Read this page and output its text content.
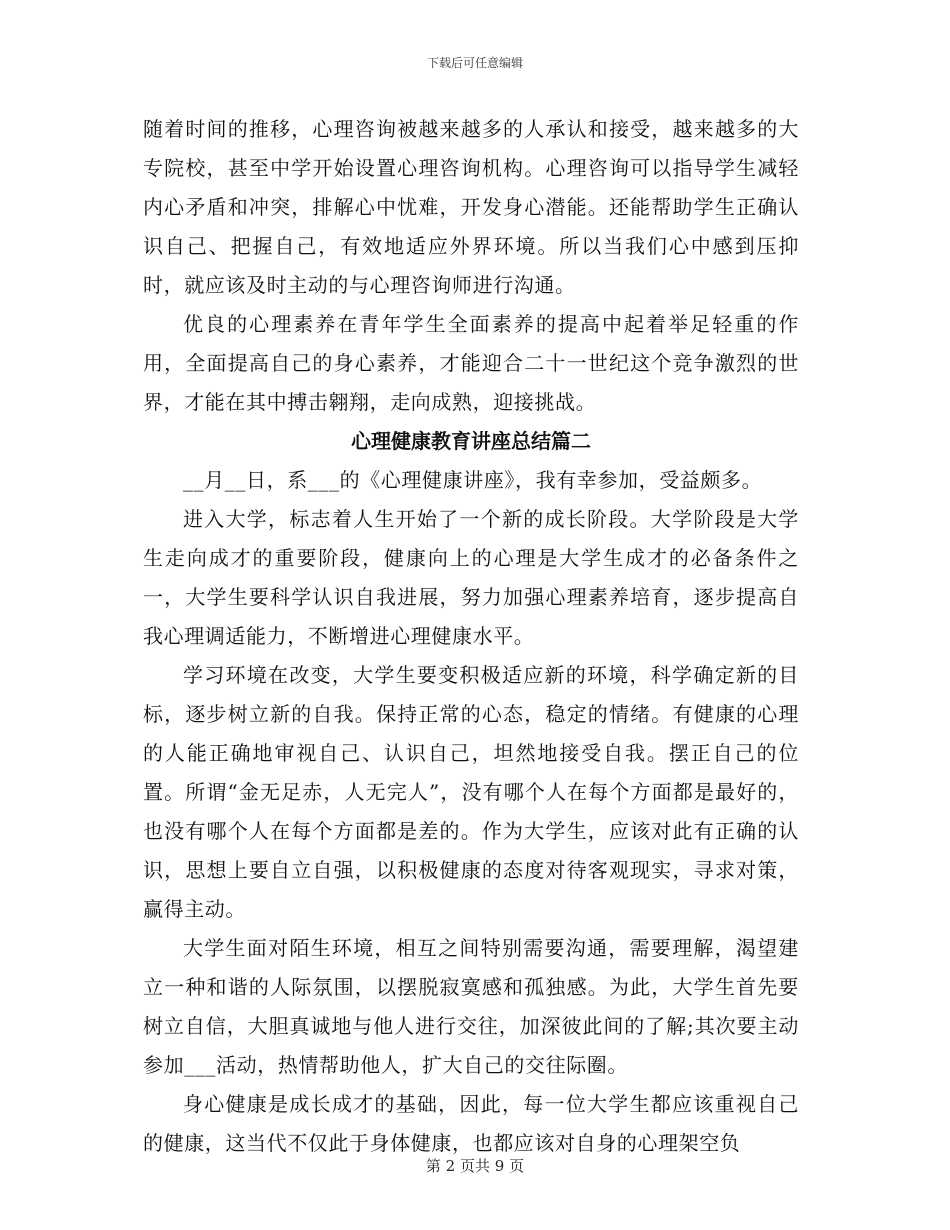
下载后可任意编辑

随着时间的推移，心理咨询被越来越多的人承认和接受，越来越多的大专院校，甚至中学开始设置心理咨询机构。心理咨询可以指导学生减轻内心矛盾和冲突，排解心中忧难，开发身心潜能。还能帮助学生正确认识自己、把握自己，有效地适应外界环境。所以当我们心中感到压抑时，就应该及时主动的与心理咨询师进行沟通。

优良的心理素养在青年学生全面素养的提高中起着举足轻重的作用，全面提高自己的身心素养，才能迎合二十一世纪这个竞争激烈的世界，才能在其中搏击翱翔，走向成熟，迎接挑战。

心理健康教育讲座总结篇二

__月__日，系___的《心理健康讲座》，我有幸参加，受益颇多。

进入大学，标志着人生开始了一个新的成长阶段。大学阶段是大学生走向成才的重要阶段，健康向上的心理是大学生成才的必备条件之一，大学生要科学认识自我进展，努力加强心理素养培育，逐步提高自我心理调适能力，不断增进心理健康水平。

学习环境在改变，大学生要变积极适应新的环境，科学确定新的目标，逐步树立新的自我。保持正常的心态，稳定的情绪。有健康的心理的人能正确地审视自己、认识自己，坦然地接受自我。摆正自己的位置。所谓“金无足赤，人无完人”，没有哪个人在每个方面都是最好的，也没有哪个人在每个方面都是差的。作为大学生，应该对此有正确的认识，思想上要自立自强，以积极健康的态度对待客观现实，寻求对策，赢得主动。

大学生面对陌生环境，相互之间特别需要沟通，需要理解，渴望建立一种和谐的人际氛围，以摆脱寂寞感和孤独感。为此，大学生首先要树立自信，大胆真诚地与他人进行交往，加深彼此间的了解;其次要主动参加___活动，热情帮助他人，扩大自己的交往际圈。

身心健康是成长成才的基础，因此，每一位大学生都应该重视自己的健康，这当代不仅此于身体健康，也都应该对自身的心理架空负

第 2 页共 9 页
